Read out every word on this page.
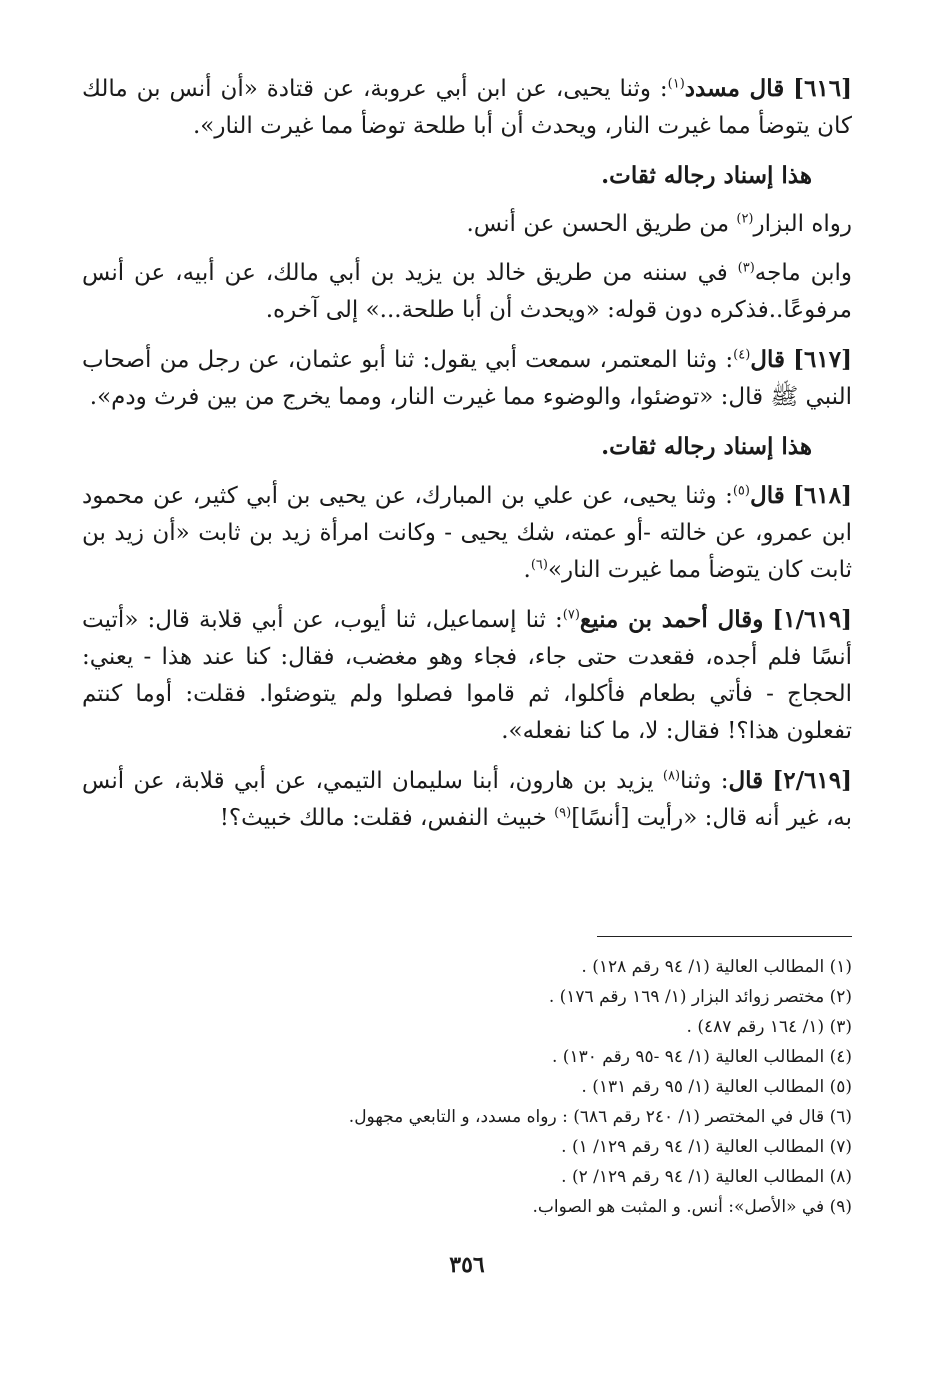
[٦١٦] قال مسدد$^{(١)}$: وثنا يحيى، عن ابن أبي عروبة، عن قتادة «أن أنس بن مالك كان يتوضأ مما غيرت النار، ويحدث أن أبا طلحة توضأ مما غيرت النار».

هذا إسناد رجاله ثقات.

رواه البزار$^{(٢)}$ من طريق الحسن عن أنس.

وابن ماجه$^{(٣)}$ في سننه من طريق خالد بن يزيد بن أبي مالك، عن أبيه، عن أنس مرفوعًا..فذكره دون قوله: «ويحدث أن أبا طلحة...» إلى آخره.

[٦١٧] قال$^{(٤)}$: وثنا المعتمر، سمعت أبي يقول: ثنا أبو عثمان، عن رجل من أصحاب النبي ﷺ قال: «توضئوا، والوضوء مما غيرت النار، ومما يخرج من بين فرث ودم».

هذا إسناد رجاله ثقات.

[٦١٨] قال$^{(٥)}$: وثنا يحيى، عن علي بن المبارك، عن يحيى بن أبي كثير، عن محمود ابن عمرو، عن خالته -أو عمته، شك يحيى - وكانت امرأة زيد بن ثابت «أن زيد بن ثابت كان يتوضأ مما غيرت النار»$^{(٦)}$.

[١/٦١٩] وقال أحمد بن منيع$^{(٧)}$: ثنا إسماعيل، ثنا أيوب، عن أبي قلابة قال: «أتيت أنسًا فلم أجده، فقعدت حتى جاء، فجاء وهو مغضب، فقال: كنا عند هذا - يعني: الحجاج - فأتي بطعام فأكلوا، ثم قاموا فصلوا ولم يتوضئوا. فقلت: أوما كنتم تفعلون هذا؟! فقال: لا، ما كنا نفعله».

[٢/٦١٩] قال: وثنا$^{(٨)}$ يزيد بن هارون، أبنا سليمان التيمي، عن أبي قلابة، عن أنس به، غير أنه قال: «رأيت [أنسًا]$^{(٩)}$ خبيث النفس، فقلت: مالك خبيث؟!

(١) المطالب العالية (١/ ٩٤ رقم ١٢٨) .

(٢) مختصر زوائد البزار (١/ ١٦٩ رقم ١٧٦) .

(٣) (١/ ١٦٤ رقم ٤٨٧) .

(٤) المطالب العالية (١/ ٩٤ -٩٥ رقم ١٣٠) .

(٥) المطالب العالية (١/ ٩٥ رقم ١٣١) .

(٦) قال في المختصر (١/ ٢٤٠ رقم ٦٨٦) : رواه مسدد، و التابعي مجهول.

(٧) المطالب العالية (١/ ٩٤ رقم ١٢٩/ ١) .

(٨) المطالب العالية (١/ ٩٤ رقم ١٢٩/ ٢) .

(٩) في «الأصل»: أنس. و المثبت هو الصواب.

٣٥٦
